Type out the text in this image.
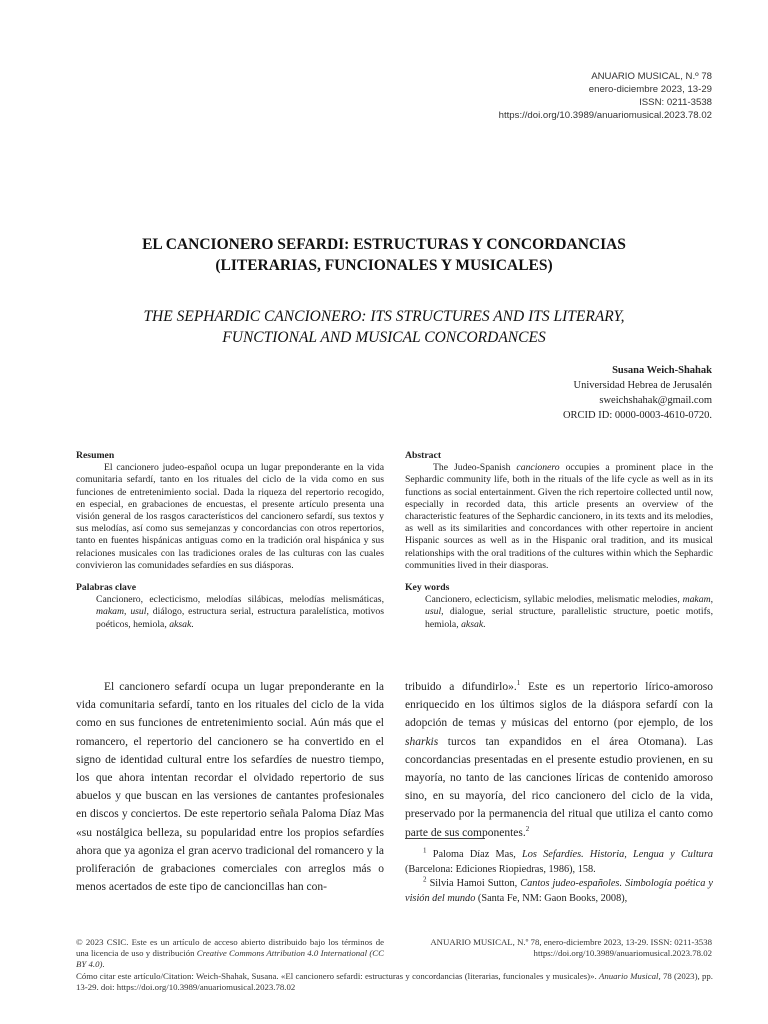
ANUARIO MUSICAL, N.º 78
enero-diciembre 2023, 13-29
ISSN: 0211-3538
https://doi.org/10.3989/anuariomusical.2023.78.02
EL CANCIONERO SEFARDI: ESTRUCTURAS Y CONCORDANCIAS
(LITERARIAS, FUNCIONALES Y MUSICALES)
THE SEPHARDIC CANCIONERO: ITS STRUCTURES AND ITS LITERARY,
FUNCTIONAL AND MUSICAL CONCORDANCES
Susana Weich-Shahak
Universidad Hebrea de Jerusalén
sweichshahak@gmail.com
ORCID ID: 0000-0003-4610-0720.
Resumen

El cancionero judeo-español ocupa un lugar preponderante en la vida comunitaria sefardí, tanto en los rituales del ciclo de la vida como en sus funciones de entretenimiento social. Dada la riqueza del repertorio recogido, en especial, en grabaciones de encuestas, el presente artículo presenta una visión general de los rasgos característicos del cancionero sefardí, sus textos y sus melodías, así como sus semejanzas y concordancias con otros repertorios, tanto en fuentes hispánicas antiguas como en la tradición oral hispánica y sus relaciones musicales con las tradiciones orales de las culturas con las cuales convivieron las comunidades sefardíes en sus diásporas.

Palabras clave

Cancionero, eclecticismo, melodías silábicas, melodías melismáticas, makam, usul, diálogo, estructura serial, estructura paralelística, motivos poéticos, hemiola, aksak.

Abstract

The Judeo-Spanish cancionero occupies a prominent place in the Sephardic community life, both in the rituals of the life cycle as well as in its functions as social entertainment. Given the rich repertoire collected until now, especially in recorded data, this article presents an overview of the characteristic features of the Sephardic cancionero, in its texts and its melodies, as well as its similarities and concordances with other repertoire in ancient Hispanic sources as well as in the Hispanic oral tradition, and its musical relationships with the oral traditions of the cultures within which the Sephardic communities lived in their diasporas.

Key words

Cancionero, eclecticism, syllabic melodies, melismatic melodies, makam, usul, dialogue, serial structure, parallelistic structure, poetic motifs, hemiola, aksak.

El cancionero sefardí ocupa un lugar preponderante en la vida comunitaria sefardí, tanto en los rituales del ciclo de la vida como en sus funciones de entretenimiento social. Aún más que el romancero, el repertorio del cancionero se ha convertido en el signo de identidad cultural entre los sefardíes de nuestro tiempo, los que ahora intentan recordar el olvidado repertorio de sus abuelos y que buscan en las versiones de cantantes profesionales en discos y conciertos. De este repertorio señala Paloma Díaz Mas «su nostálgica belleza, su popularidad entre los propios sefardíes ahora que ya agoniza el gran acervo tradicional del romancero y la proliferación de grabaciones comerciales con arreglos más o menos acertados de este tipo de cancioncillas han con-

tribuido a difundirlo».$^1$ Este es un repertorio lírico-amoroso enriquecido en los últimos siglos de la diáspora sefardí con la adopción de temas y músicas del entorno (por ejemplo, de los sharkis turcos tan expandidos en el área Otomana). Las concordancias presentadas en el presente estudio provienen, en su mayoría, no tanto de las canciones líricas de contenido amoroso sino, en su mayoría, del rico cancionero del ciclo de la vida, preservado por la permanencia del ritual que utiliza el canto como parte de sus componentes.$^2$

$^1$ Paloma Díaz Mas, Los Sefardíes. Historia, Lengua y Cultura (Barcelona: Ediciones Riopiedras, 1986), 158.

$^2$ Silvia Hamoi Sutton, Cantos judeo-españoles. Simbología poética y visión del mundo (Santa Fe, NM: Gaon Books, 2008),

© 2023 CSIC. Este es un artículo de acceso abierto distribuido bajo los términos de una licencia de uso y distribución Creative Commons Attribution 4.0 International (CC BY 4.0).
ANUARIO MUSICAL, N.º 78, enero-diciembre 2023, 13-29. ISSN: 0211-3538
https://doi.org/10.3989/anuariomusical.2023.78.02
Cómo citar este artículo/Citation: Weich-Shahak, Susana. «El cancionero sefardi: estructuras y concordancias (literarias, funcionales y musicales)». Anuario Musical, 78 (2023), pp. 13-29. doi: https://doi.org/10.3989/anuariomusical.2023.78.02
